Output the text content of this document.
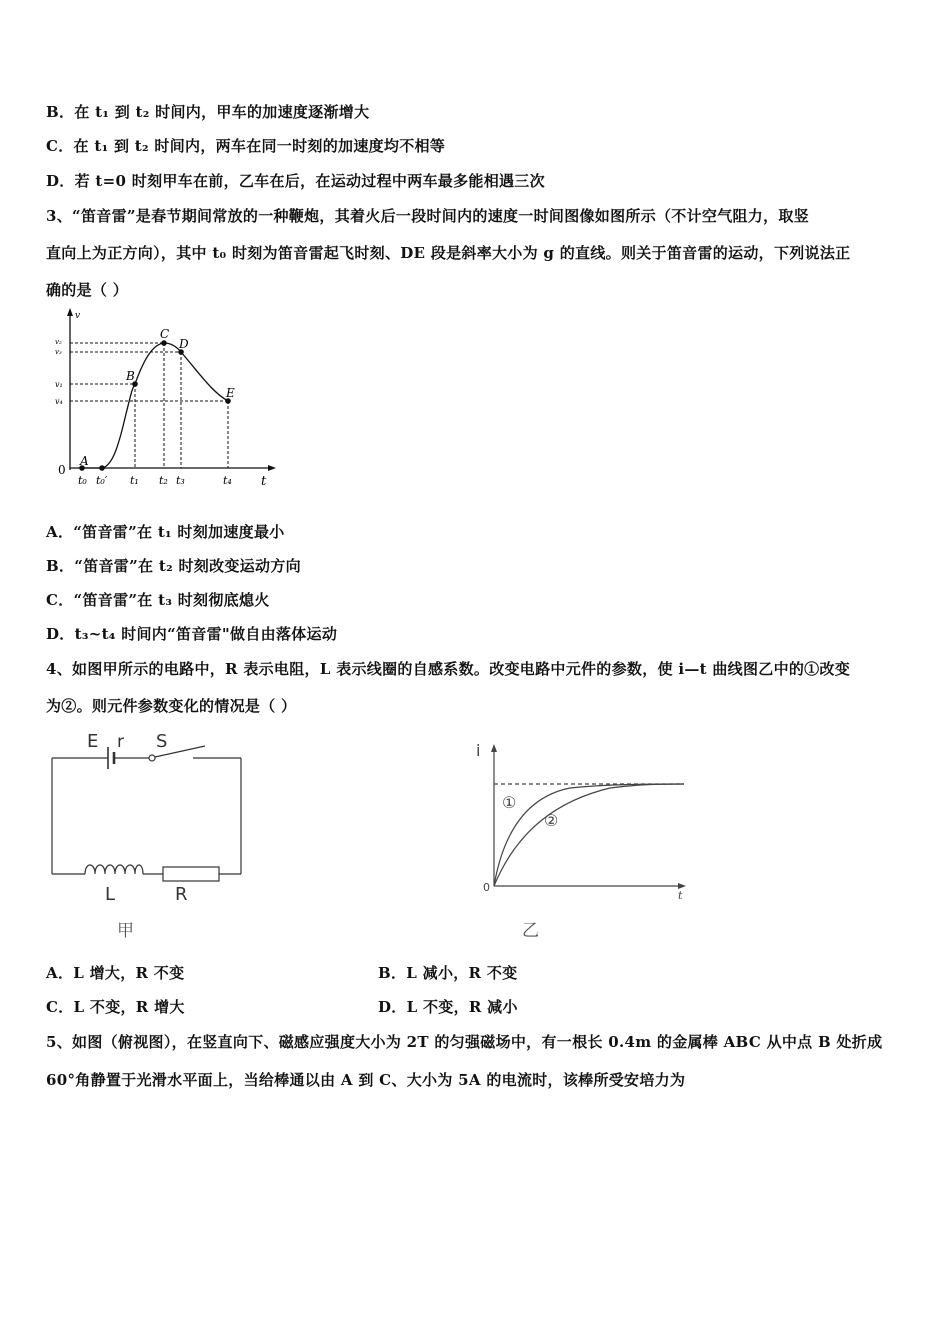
B．在 t₁ 到 t₂ 时间内，甲车的加速度逐渐增大
C．在 t₁ 到 t₂ 时间内，两车在同一时刻的加速度均不相等
D．若 t=0 时刻甲车在前，乙车在后，在运动过程中两车最多能相遇三次
3、“笛音雷”是春节期间常放的一种鞭炮，其着火后一段时间内的速度一时间图像如图所示（不计空气阻力，取竖
直向上为正方向），其中 t₀ 时刻为笛音雷起飞时刻、DE 段是斜率大小为 g 的直线。则关于笛音雷的运动，下列说法正
确的是（ ）
v
t
0
v₂
v₃
v₁
v₄
A
B
C
D
E
t₀ t₀′ t₁ t₂ t₃	t₄
A．“笛音雷”在 t₁ 时刻加速度最小
B．“笛音雷”在 t₂ 时刻改变运动方向
C．“笛音雷”在 t₃ 时刻彻底熄火
D．t₃~t₄ 时间内“笛音雷"做自由落体运动
4、如图甲所示的电路中，R 表示电阻，L 表示线圈的自感系数。改变电路中元件的参数，使 i—t 曲线图乙中的①改变
为②。则元件参数变化的情况是（ ）
E r S
L	R
甲
i
t
0
①
②
乙
A．L 增大，R 不变	B．L 减小，R 不变
C．L 不变，R 增大	D．L 不变，R 减小
5、如图（俯视图），在竖直向下、磁感应强度大小为 2T 的匀强磁场中，有一根长 0.4m 的金属棒 ABC 从中点 B 处折成
60°角静置于光滑水平面上，当给棒通以由 A 到 C、大小为 5A 的电流时，该棒所受安培力为
